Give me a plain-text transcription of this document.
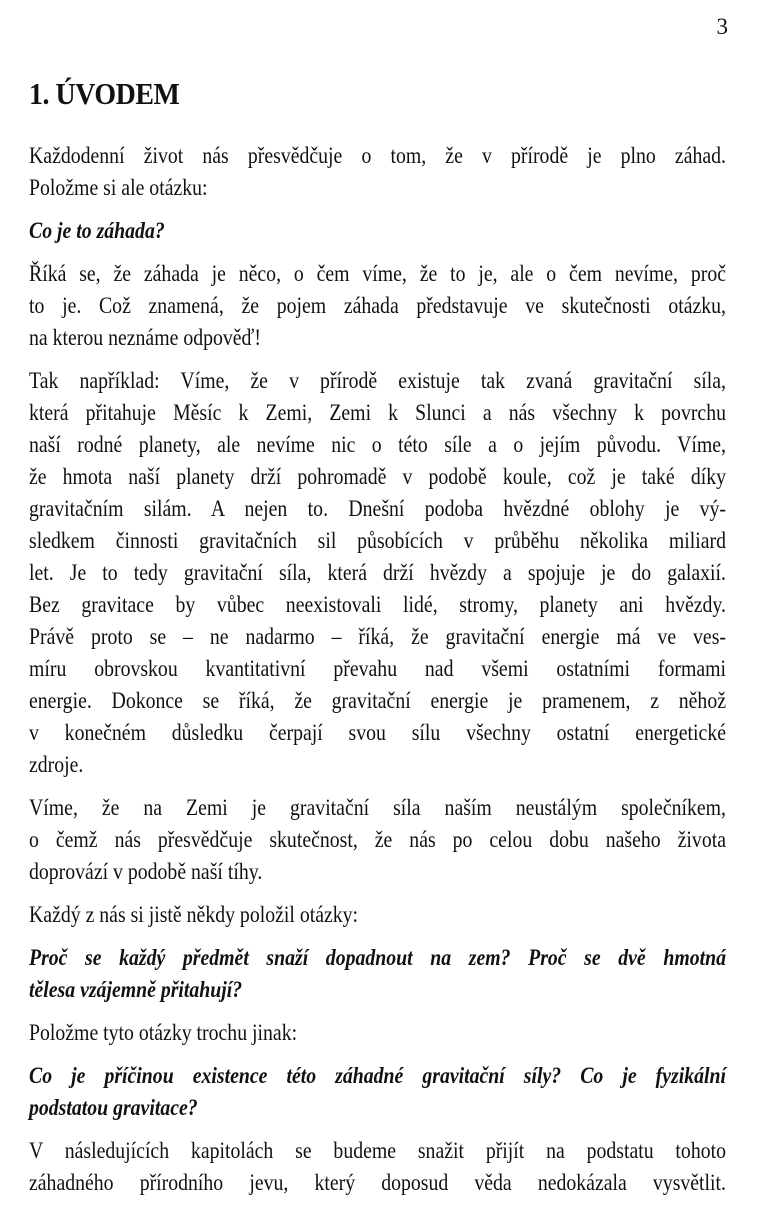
3
1. ÚVODEM
Každodenní život nás přesvědčuje o tom, že v přírodě je plno záhad.
Položme si ale otázku:
Co je to záhada?
Říká se, že záhada je něco, o čem víme, že to je, ale o čem nevíme, proč
to je. Což znamená, že pojem záhada představuje ve skutečnosti otázku,
na kterou neznáme odpověď!
Tak například: Víme, že v přírodě existuje tak zvaná gravitační síla,
která přitahuje Měsíc k Zemi, Zemi k Slunci a nás všechny k povrchu
naší rodné planety, ale nevíme nic o této síle a o jejím původu. Víme,
že hmota naší planety drží pohromadě v podobě koule, což je také díky
gravitačním silám. A nejen to. Dnešní podoba hvězdné oblohy je vý-
sledkem činnosti gravitačních sil působících v průběhu několika miliard
let. Je to tedy gravitační síla, která drží hvězdy a spojuje je do galaxií.
Bez gravitace by vůbec neexistovali lidé, stromy, planety ani hvězdy.
Právě proto se – ne nadarmo – říká, že gravitační energie má ve ves-
míru obrovskou kvantitativní převahu nad všemi ostatními formami
energie. Dokonce se říká, že gravitační energie je pramenem, z něhož
v konečném důsledku čerpají svou sílu všechny ostatní energetické
zdroje.
Víme, že na Zemi je gravitační síla naším neustálým společníkem,
o čemž nás přesvědčuje skutečnost, že nás po celou dobu našeho života
doprovází v podobě naší tíhy.
Každý z nás si jistě někdy položil otázky:
Proč se každý předmět snaží dopadnout na zem? Proč se dvě hmotná
tělesa vzájemně přitahují?
Položme tyto otázky trochu jinak:
Co je příčinou existence této záhadné gravitační síly? Co je fyzikální
podstatou gravitace?
V následujících kapitolách se budeme snažit přijít na podstatu tohoto
záhadného přírodního jevu, který doposud věda nedokázala vysvětlit.
